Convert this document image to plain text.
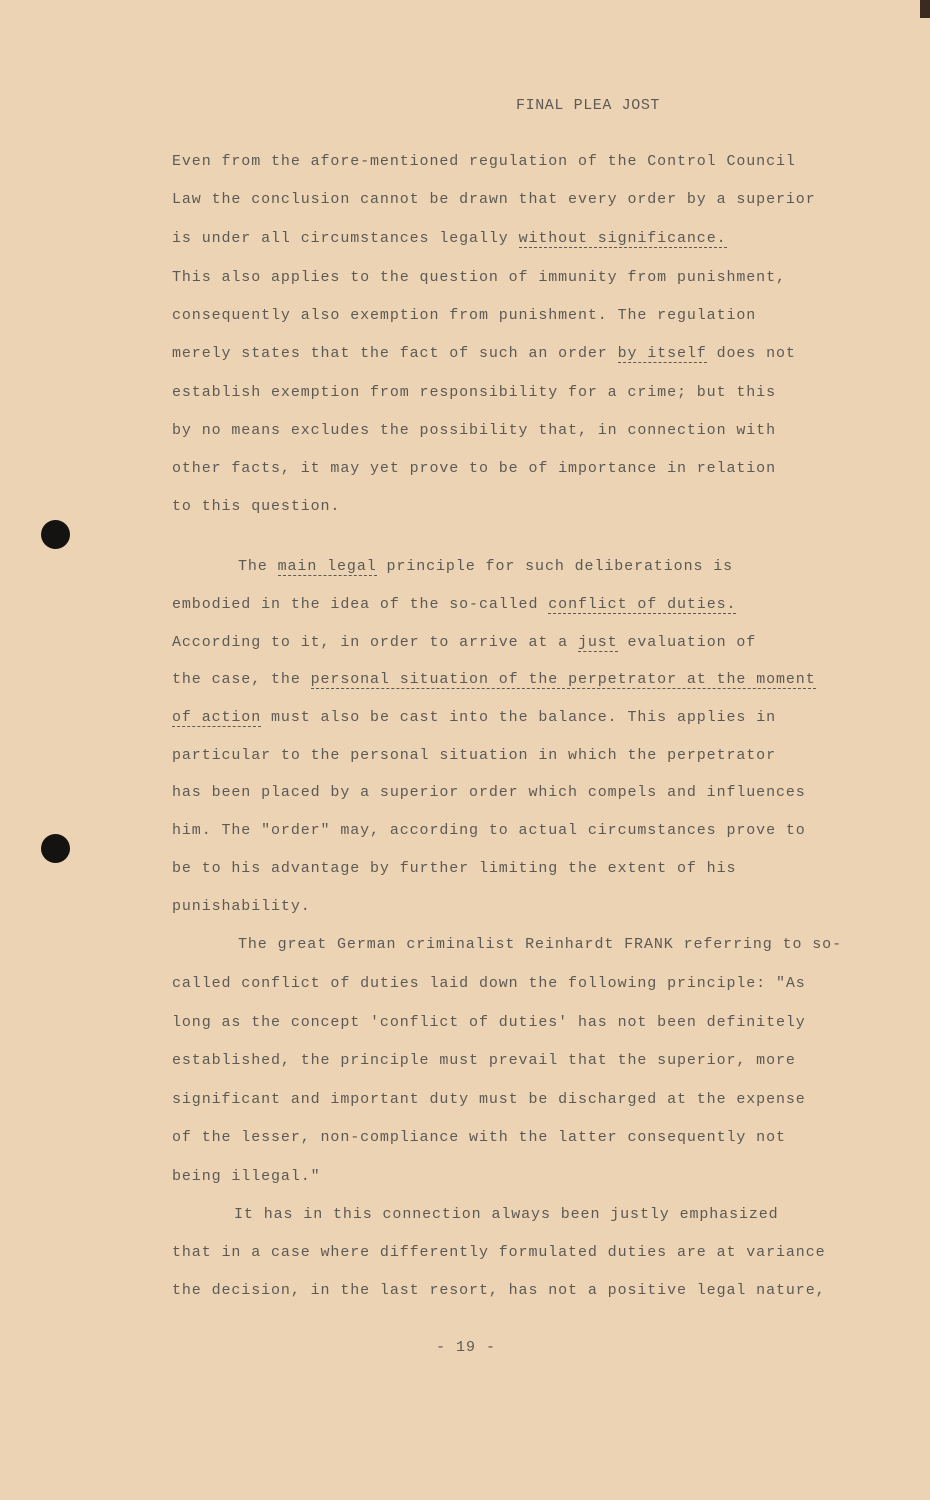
FINAL PLEA JOST

Even from the afore-mentioned regulation of the Control Council

Law the conclusion cannot be drawn that every order by a superior

is under all circumstances legally without significance.

This also applies to the question of immunity from punishment,

consequently also exemption from punishment. The regulation

merely states that the fact of such an order by itself does not

establish exemption from responsibility for a crime; but this

by no means excludes the possibility that, in connection with

other facts, it may yet prove to be of importance in relation

to this question.

The main legal principle for such deliberations is

embodied in the idea of the so-called conflict of duties.

According to it, in order to arrive at a just evaluation of

the case, the personal situation of the perpetrator at the moment

of action must also be cast into the balance. This applies in

particular to the personal situation in which the perpetrator

has been placed by a superior order which compels and influences

him. The "order" may, according to actual circumstances prove to

be to his advantage by further limiting the extent of his

punishability.

The great German criminalist Reinhardt FRANK referring to so-

called conflict of duties laid down the following principle: "As

long as the concept 'conflict of duties' has not been definitely

established, the principle must prevail that the superior, more

significant and important duty must be discharged at the expense

of the lesser, non-compliance with the latter consequently not

being illegal."

It has in this connection always been justly emphasized

that in a case where differently formulated duties are at variance

the decision, in the last resort, has not a positive legal nature,

- 19 -
